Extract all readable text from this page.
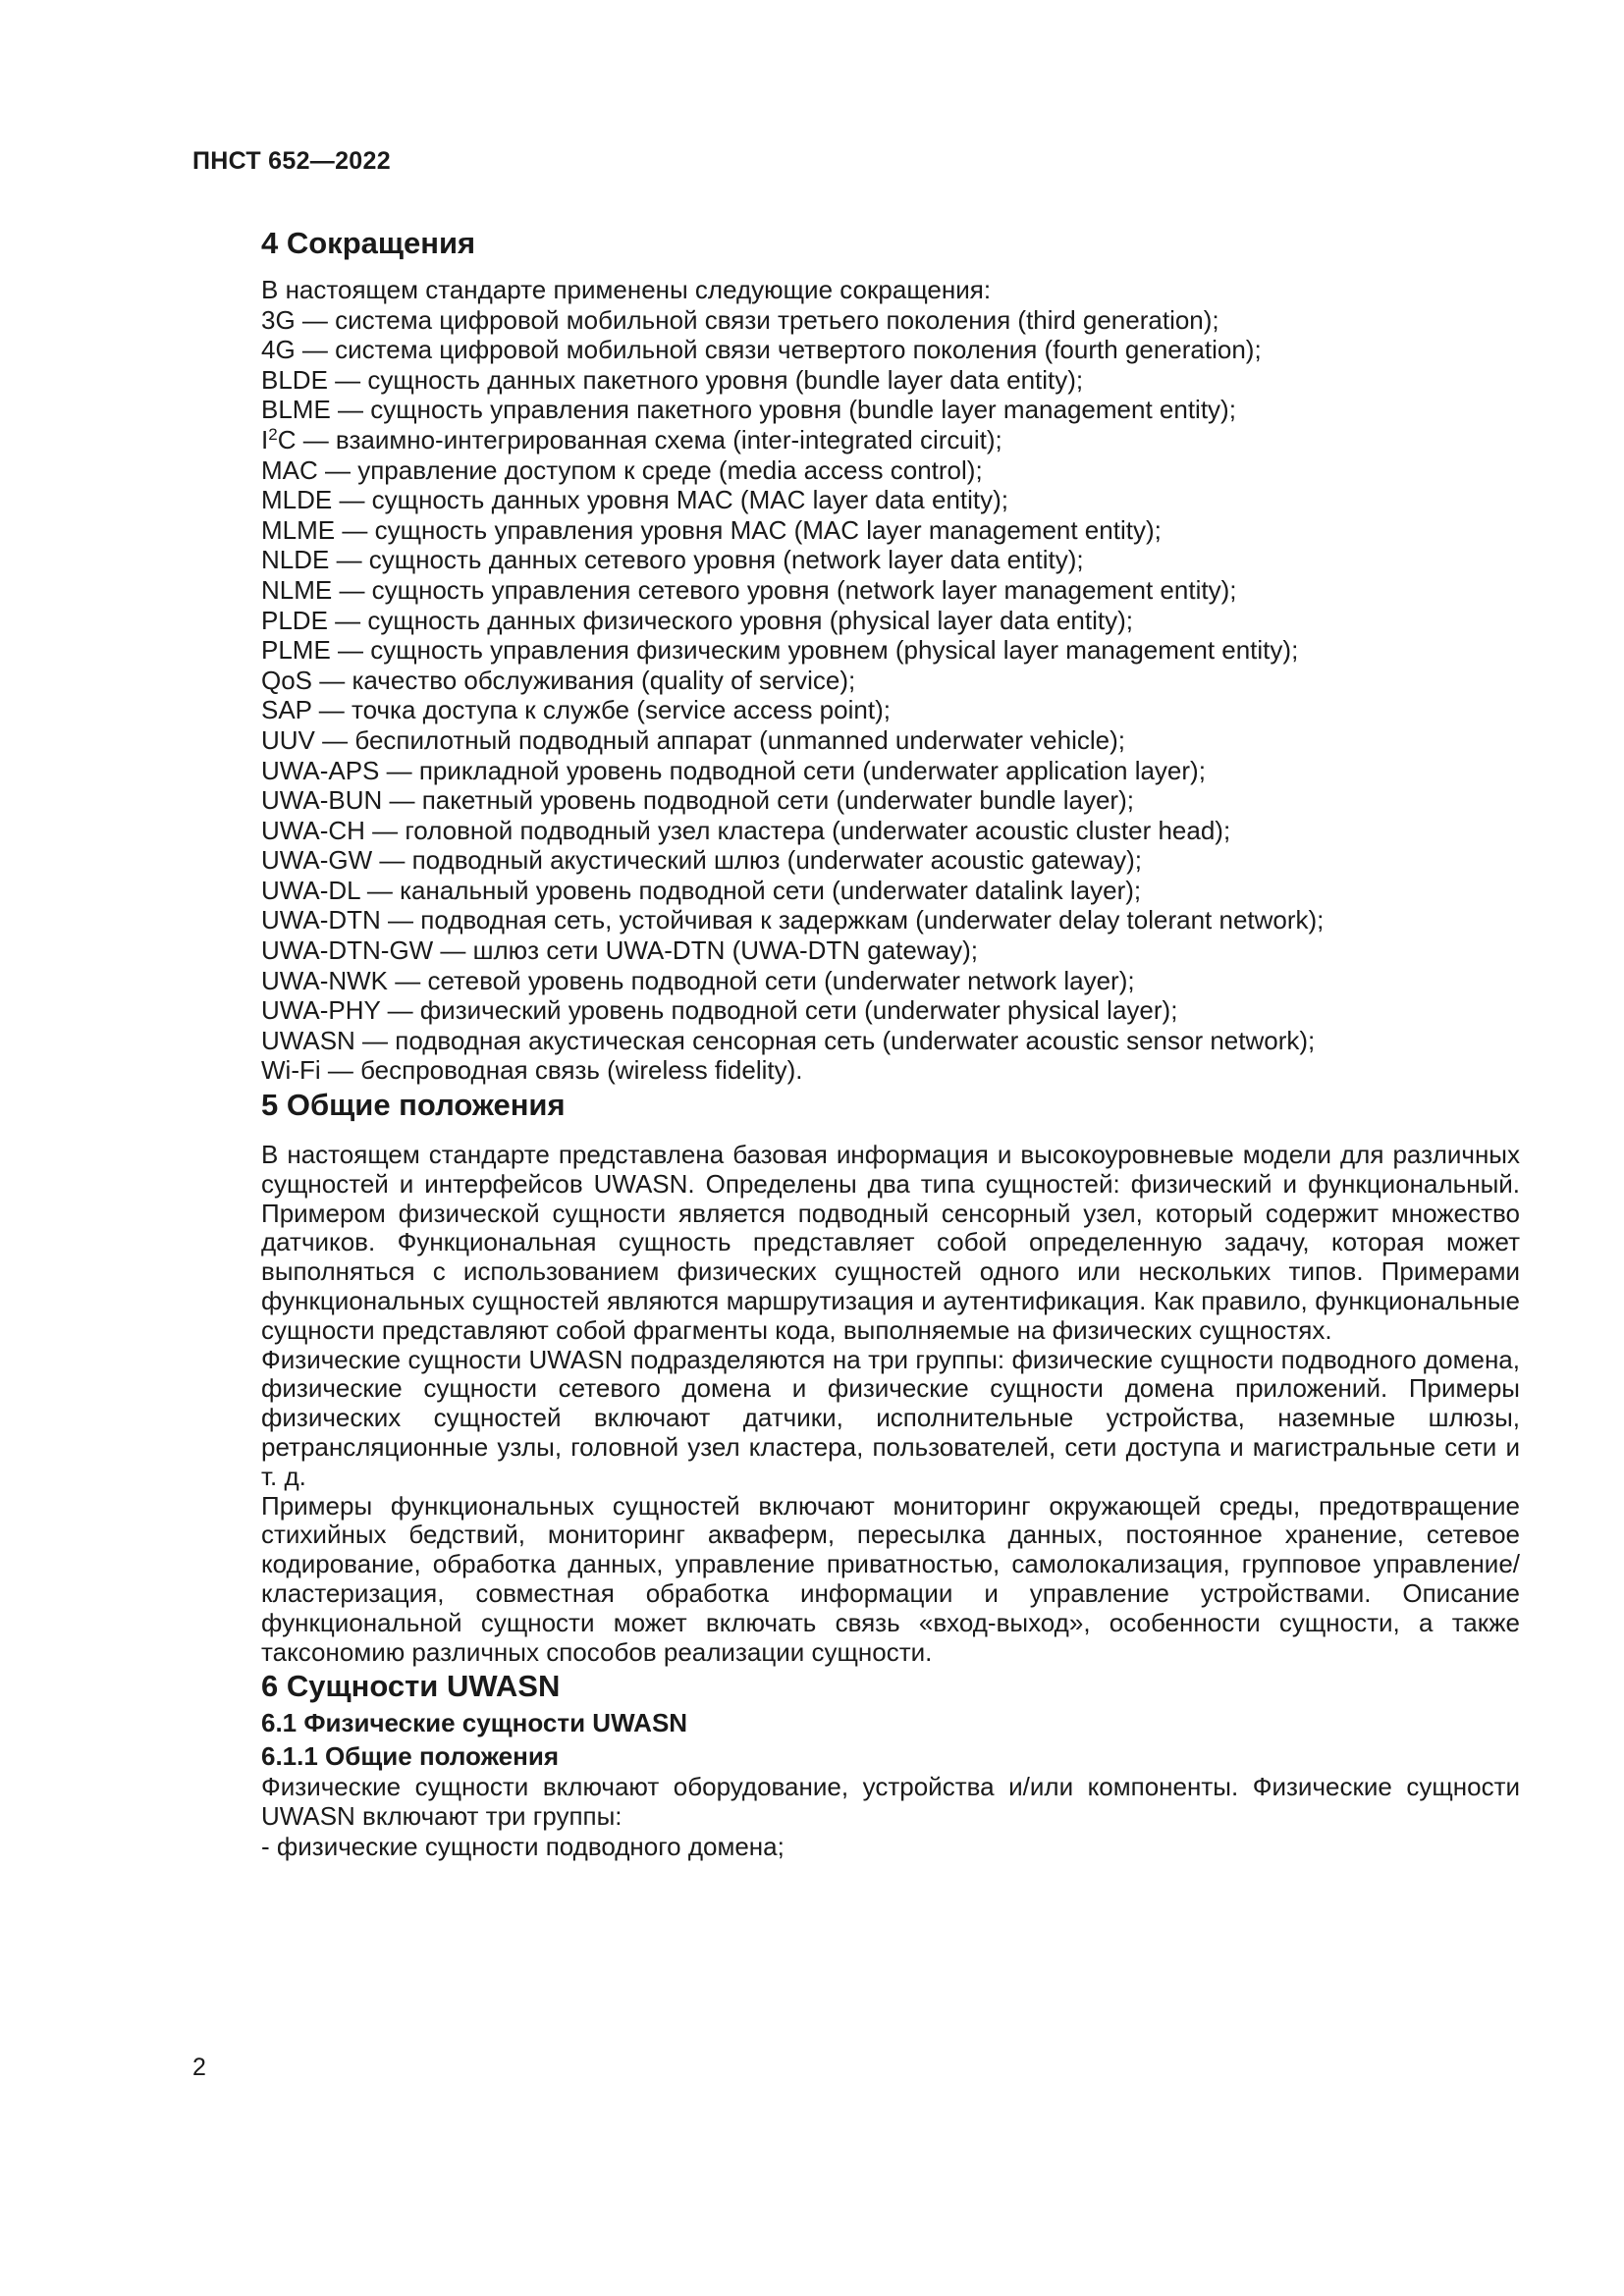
ПНСТ 652—2022
4 Сокращения

В настоящем стандарте применены следующие сокращения:

3G — система цифровой мобильной связи третьего поколения (third generation);
4G — система цифровой мобильной связи четвертого поколения (fourth generation);
BLDE — сущность данных пакетного уровня (bundle layer data entity);
BLME — сущность управления пакетного уровня (bundle layer management entity);
$I^2C$ — взаимно-интегрированная схема (inter-integrated circuit);
MAC — управление доступом к среде (media access control);
MLDE — сущность данных уровня MAC (MAC layer data entity);
MLME — сущность управления уровня MAC (MAC layer management entity);
NLDE — сущность данных сетевого уровня (network layer data entity);
NLME — сущность управления сетевого уровня (network layer management entity);
PLDE — сущность данных физического уровня (physical layer data entity);
PLME — сущность управления физическим уровнем (physical layer management entity);
QoS — качество обслуживания (quality of service);
SAP — точка доступа к службе (service access point);
UUV — беспилотный подводный аппарат (unmanned underwater vehicle);
UWA-APS — прикладной уровень подводной сети (underwater application layer);
UWA-BUN — пакетный уровень подводной сети (underwater bundle layer);
UWA-CH — головной подводный узел кластера (underwater acoustic cluster head);
UWA-GW — подводный акустический шлюз (underwater acoustic gateway);
UWA-DL — канальный уровень подводной сети (underwater datalink layer);
UWA-DTN — подводная сеть, устойчивая к задержкам (underwater delay tolerant network);
UWA-DTN-GW — шлюз сети UWA-DTN (UWA-DTN gateway);
UWA-NWK — сетевой уровень подводной сети (underwater network layer);
UWA-PHY — физический уровень подводной сети (underwater physical layer);
UWASN — подводная акустическая сенсорная сеть (underwater acoustic sensor network);
Wi-Fi — беспроводная связь (wireless fidelity).
5 Общие положения

В настоящем стандарте представлена базовая информация и высокоуровневые модели для различных сущностей и интерфейсов UWASN. Определены два типа сущностей: физический и функциональный. Примером физической сущности является подводный сенсорный узел, который содержит множество датчиков. Функциональная сущность представляет собой определенную задачу, которая может выполняться с использованием физических сущностей одного или нескольких типов. Примерами функциональных сущностей являются маршрутизация и аутентификация. Как правило, функциональные сущности представляют собой фрагменты кода, выполняемые на физических сущностях.

Физические сущности UWASN подразделяются на три группы: физические сущности подводного домена, физические сущности сетевого домена и физические сущности домена приложений. Примеры физических сущностей включают датчики, исполнительные устройства, наземные шлюзы, ретрансляционные узлы, головной узел кластера, пользователей, сети доступа и магистральные сети и т. д.

Примеры функциональных сущностей включают мониторинг окружающей среды, предотвращение стихийных бедствий, мониторинг акваферм, пересылка данных, постоянное хранение, сетевое кодирование, обработка данных, управление приватностью, самолокализация, групповое управление/кластеризация, совместная обработка информации и управление устройствами. Описание функциональной сущности может включать связь «вход-выход», особенности сущности, а также таксономию различных способов реализации сущности.

6 Сущности UWASN
6.1 Физические сущности UWASN
6.1.1 Общие положения

Физические сущности включают оборудование, устройства и/или компоненты. Физические сущности UWASN включают три группы:

- физические сущности подводного домена;

2
